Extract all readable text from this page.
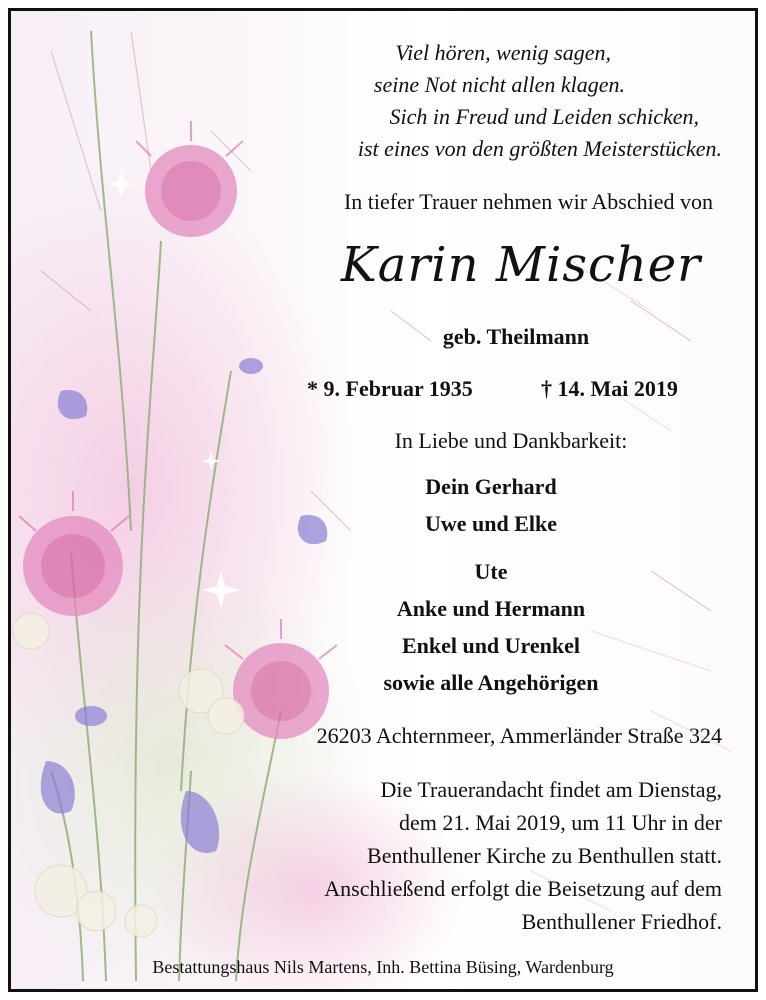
Viel hören, wenig sagen,

seine Not nicht allen klagen.

Sich in Freud und Leiden schicken,

ist eines von den größten Meisterstücken.

In tiefer Trauer nehmen wir Abschied von

Karin Mischer

geb. Theilmann

* 9. Februar 1935	† 14. Mai 2019

In Liebe und Dankbarkeit:

Dein Gerhard

Uwe und Elke

Ute

Anke und Hermann

Enkel und Urenkel

sowie alle Angehörigen

26203 Achternmeer, Ammerländer Straße 324

Die Trauerandacht findet am Dienstag,

dem 21. Mai 2019, um 11 Uhr in der

Benthullener Kirche zu Benthullen statt.

Anschließend erfolgt die Beisetzung auf dem

Benthullener Friedhof.

Bestattungshaus Nils Martens, Inh. Bettina Büsing, Wardenburg
